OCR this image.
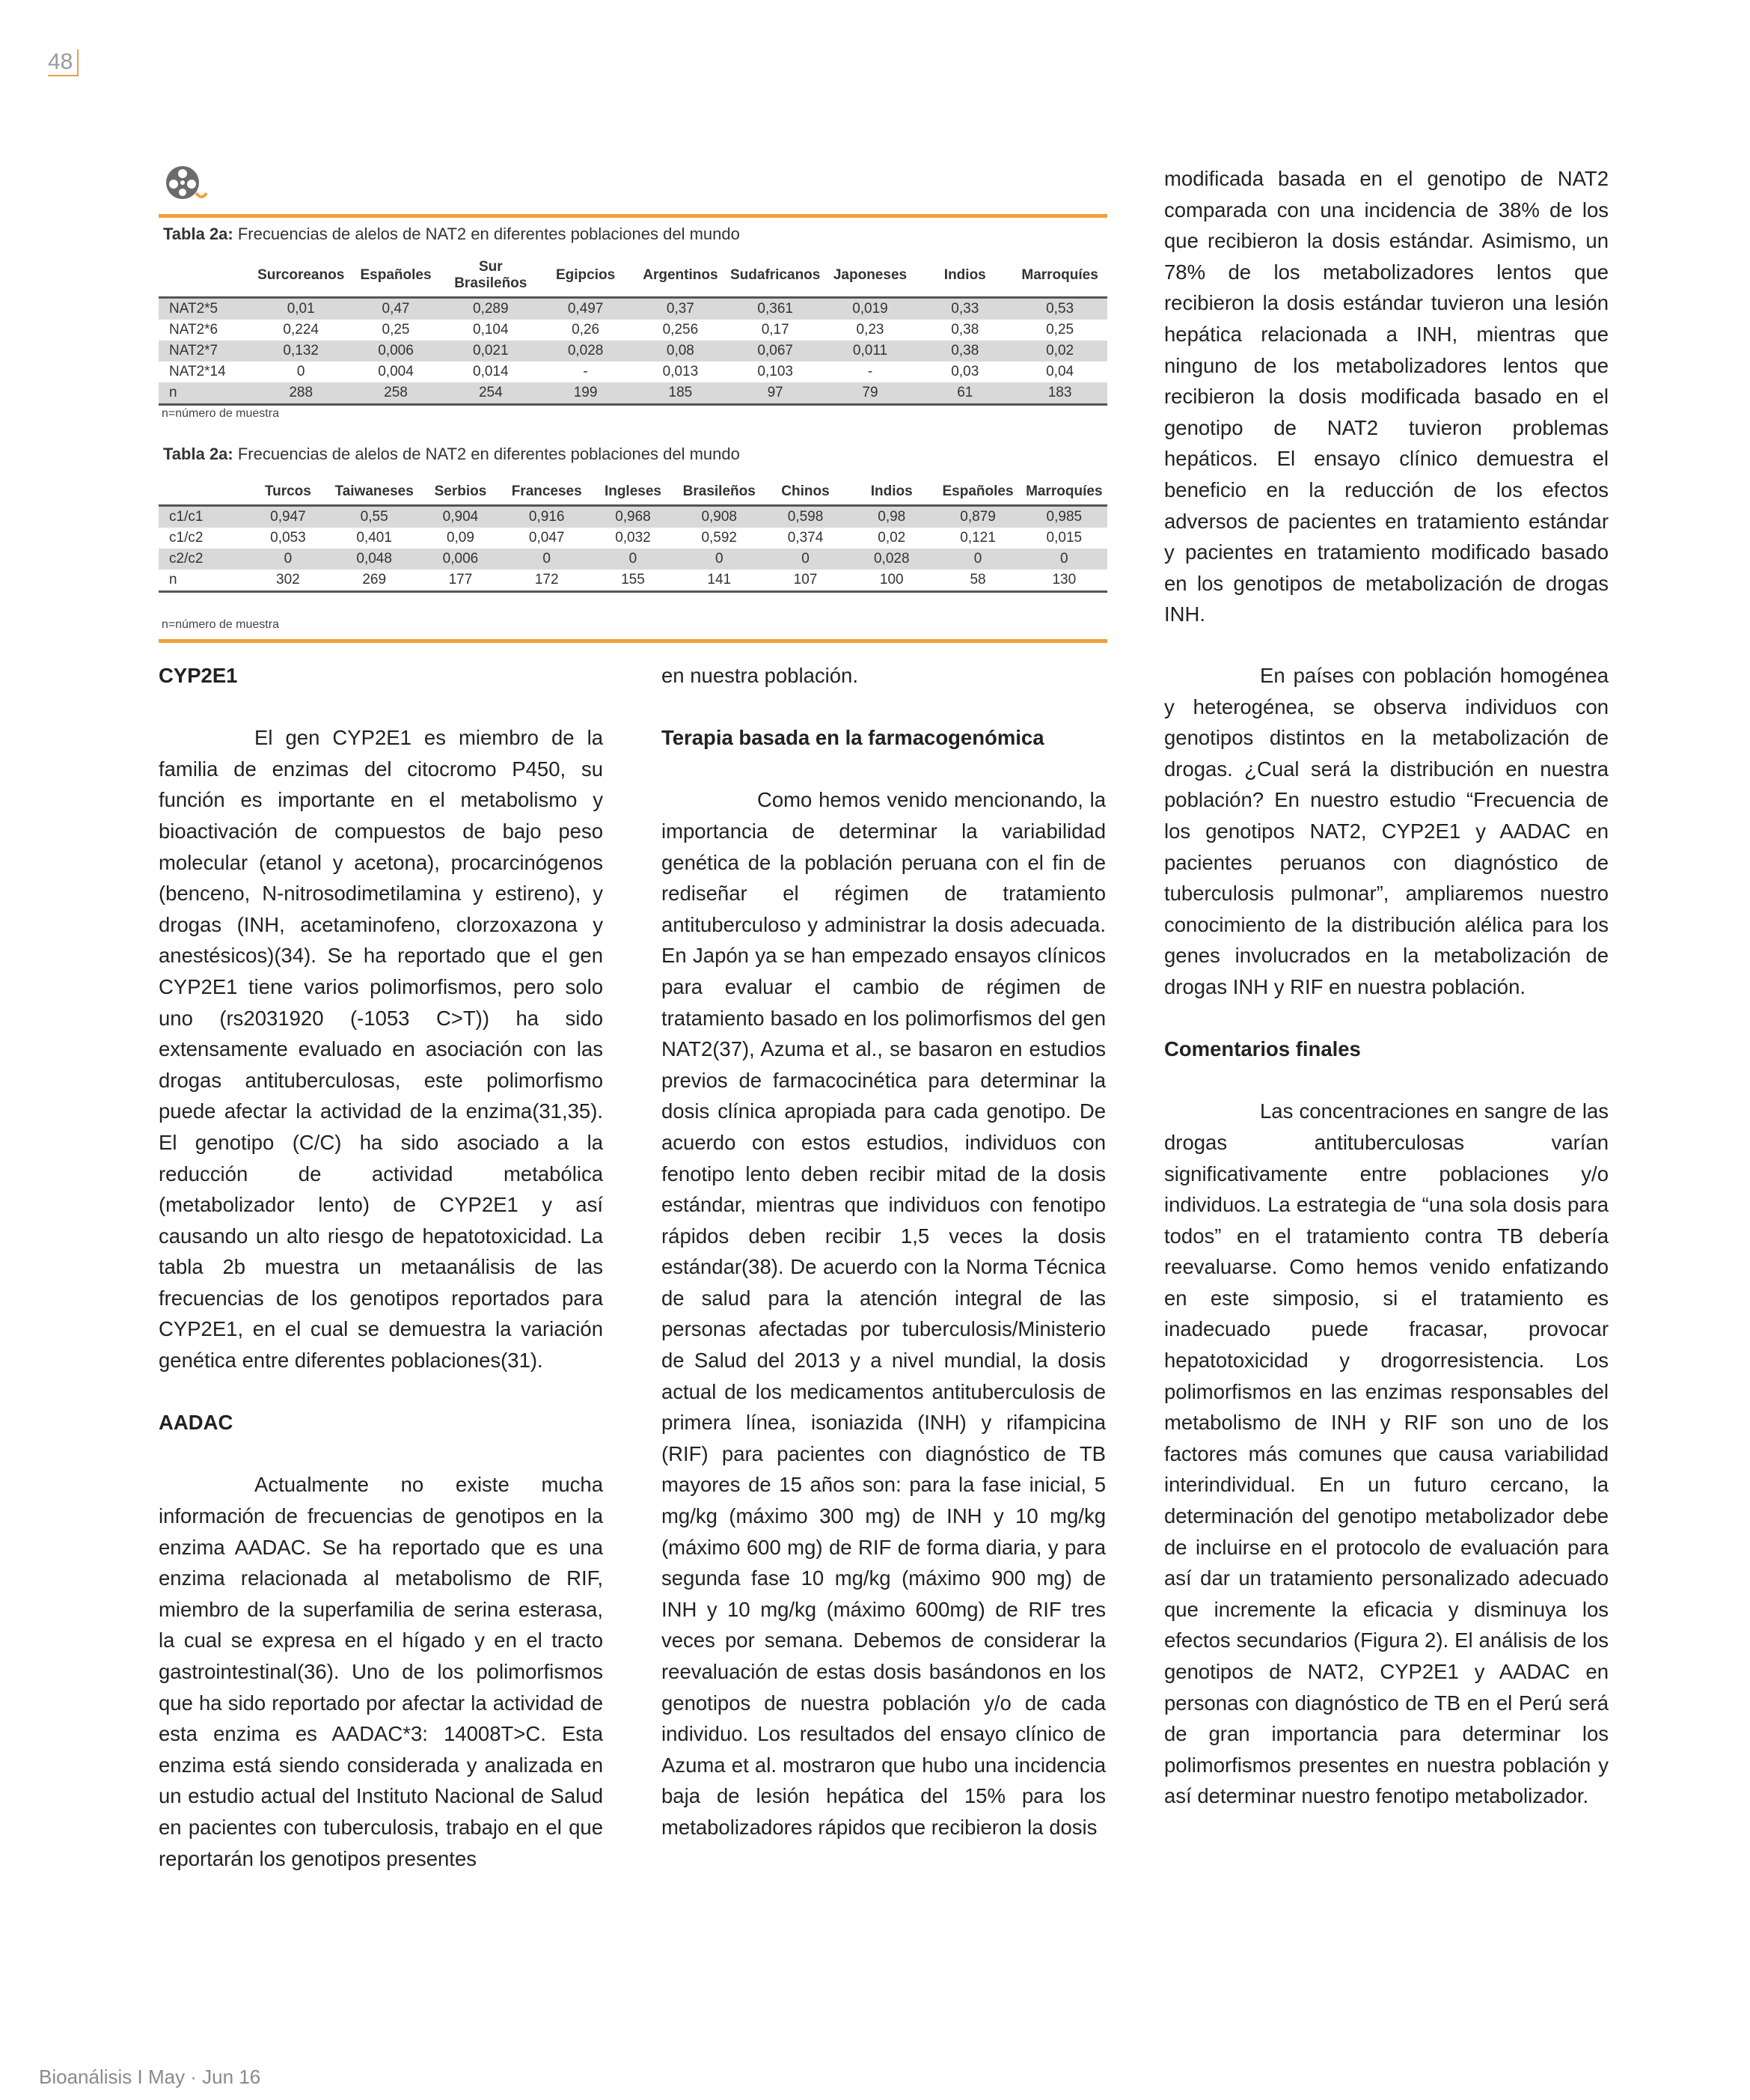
48
Tabla 2a: Frecuencias de alelos de NAT2 en diferentes poblaciones del mundo
	Surcoreanos	Españoles	Sur Brasileños	Egipcios	Argentinos	Sudafricanos	Japoneses	Indios	Marroquíes
NAT2*5	0,01	0,47	0,289	0,497	0,37	0,361	0,019	0,33	0,53
NAT2*6	0,224	0,25	0,104	0,26	0,256	0,17	0,23	0,38	0,25
NAT2*7	0,132	0,006	0,021	0,028	0,08	0,067	0,011	0,38	0,02
NAT2*14	0	0,004	0,014	-	0,013	0,103	-	0,03	0,04
n	288	258	254	199	185	97	79	61	183
n=número de muestra
Tabla 2a: Frecuencias de alelos de NAT2 en diferentes poblaciones del mundo
	Turcos	Taiwaneses	Serbios	Franceses	Ingleses	Brasileños	Chinos	Indios	Españoles	Marroquíes
c1/c1	0,947	0,55	0,904	0,916	0,968	0,908	0,598	0,98	0,879	0,985
c1/c2	0,053	0,401	0,09	0,047	0,032	0,592	0,374	0,02	0,121	0,015
c2/c2	0	0,048	0,006	0	0	0	0	0,028	0	0
n	302	269	177	172	155	141	107	100	58	130
n=número de muestra

modificada basada en el genotipo de NAT2 comparada con una incidencia de 38% de los que recibieron la dosis estándar. Asimismo, un 78% de los metabolizadores lentos que recibieron la dosis estándar tuvieron una lesión hepática relacionada a INH, mientras que ninguno de los metabolizadores lentos que recibieron la dosis modificada basado en el genotipo de NAT2 tuvieron problemas hepáticos. El ensayo clínico demuestra el beneficio en la reducción de los efectos adversos de pacientes en tratamiento estándar y pacientes en tratamiento modificado basado en los genotipos de metabolización de drogas INH.

CYP2E1

El gen CYP2E1 es miembro de la familia de enzimas del citocromo P450, su función es importante en el metabolismo y bioactivación de compuestos de bajo peso molecular (etanol y acetona), procarcinógenos (benceno, N-nitrosodimetilamina y estireno), y drogas (INH, acetaminofeno, clorzoxazona y anestésicos)(34). Se ha reportado que el gen CYP2E1 tiene varios polimorfismos, pero solo uno (rs2031920 (-1053 C>T)) ha sido extensamente evaluado en asociación con las drogas antituberculosas, este polimorfismo puede afectar la actividad de la enzima(31,35). El genotipo (C/C) ha sido asociado a la reducción de actividad metabólica (metabolizador lento) de CYP2E1 y así causando un alto riesgo de hepatotoxicidad. La tabla 2b muestra un metaanálisis de las frecuencias de los genotipos reportados para CYP2E1, en el cual se demuestra la variación genética entre diferentes poblaciones(31).

AADAC

Actualmente no existe mucha información de frecuencias de genotipos en la enzima AADAC. Se ha reportado que es una enzima relacionada al metabolismo de RIF, miembro de la superfamilia de serina esterasa, la cual se expresa en el hígado y en el tracto gastrointestinal(36). Uno de los polimorfismos que ha sido reportado por afectar la actividad de esta enzima es AADAC*3: 14008T>C. Esta enzima está siendo considerada y analizada en un estudio actual del Instituto Nacional de Salud en pacientes con tuberculosis, trabajo en el que reportarán los genotipos presentes

en nuestra población.

Terapia basada en la farmacogenómica

Como hemos venido mencionando, la importancia de determinar la variabilidad genética de la población peruana con el fin de rediseñar el régimen de tratamiento antituberculoso y administrar la dosis adecuada. En Japón ya se han empezado ensayos clínicos para evaluar el cambio de régimen de tratamiento basado en los polimorfismos del gen NAT2(37), Azuma et al., se basaron en estudios previos de farmacocinética para determinar la dosis clínica apropiada para cada genotipo. De acuerdo con estos estudios, individuos con fenotipo lento deben recibir mitad de la dosis estándar, mientras que individuos con fenotipo rápidos deben recibir 1,5 veces la dosis estándar(38). De acuerdo con la Norma Técnica de salud para la atención integral de las personas afectadas por tuberculosis/Ministerio de Salud del 2013 y a nivel mundial, la dosis actual de los medicamentos antituberculosis de primera línea, isoniazida (INH) y rifampicina (RIF) para pacientes con diagnóstico de TB mayores de 15 años son: para la fase inicial, 5 mg/kg (máximo 300 mg) de INH y 10 mg/kg (máximo 600 mg) de RIF de forma diaria, y para segunda fase 10 mg/kg (máximo 900 mg) de INH y 10 mg/kg (máximo 600mg) de RIF tres veces por semana. Debemos de considerar la reevaluación de estas dosis basándonos en los genotipos de nuestra población y/o de cada individuo. Los resultados del ensayo clínico de Azuma et al. mostraron que hubo una incidencia baja de lesión hepática del 15% para los metabolizadores rápidos que recibieron la dosis

En países con población homogénea y heterogénea, se observa individuos con genotipos distintos en la metabolización de drogas. ¿Cual será la distribución en nuestra población? En nuestro estudio “Frecuencia de los genotipos NAT2, CYP2E1 y AADAC en pacientes peruanos con diagnóstico de tuberculosis pulmonar”, ampliaremos nuestro conocimiento de la distribución alélica para los genes involucrados en la metabolización de drogas INH y RIF en nuestra población.

Comentarios finales

Las concentraciones en sangre de las drogas antituberculosas varían significativamente entre poblaciones y/o individuos. La estrategia de “una sola dosis para todos” en el tratamiento contra TB debería reevaluarse. Como hemos venido enfatizando en este simposio, si el tratamiento es inadecuado puede fracasar, provocar hepatotoxicidad y drogorresistencia. Los polimorfismos en las enzimas responsables del metabolismo de INH y RIF son uno de los factores más comunes que causa variabilidad interindividual. En un futuro cercano, la determinación del genotipo metabolizador debe de incluirse en el protocolo de evaluación para así dar un tratamiento personalizado adecuado que incremente la eficacia y disminuya los efectos secundarios (Figura 2). El análisis de los genotipos de NAT2, CYP2E1 y AADAC en personas con diagnóstico de TB en el Perú será de gran importancia para determinar los polimorfismos presentes en nuestra población y así determinar nuestro fenotipo metabolizador.

Bioanálisis I May · Jun 16
